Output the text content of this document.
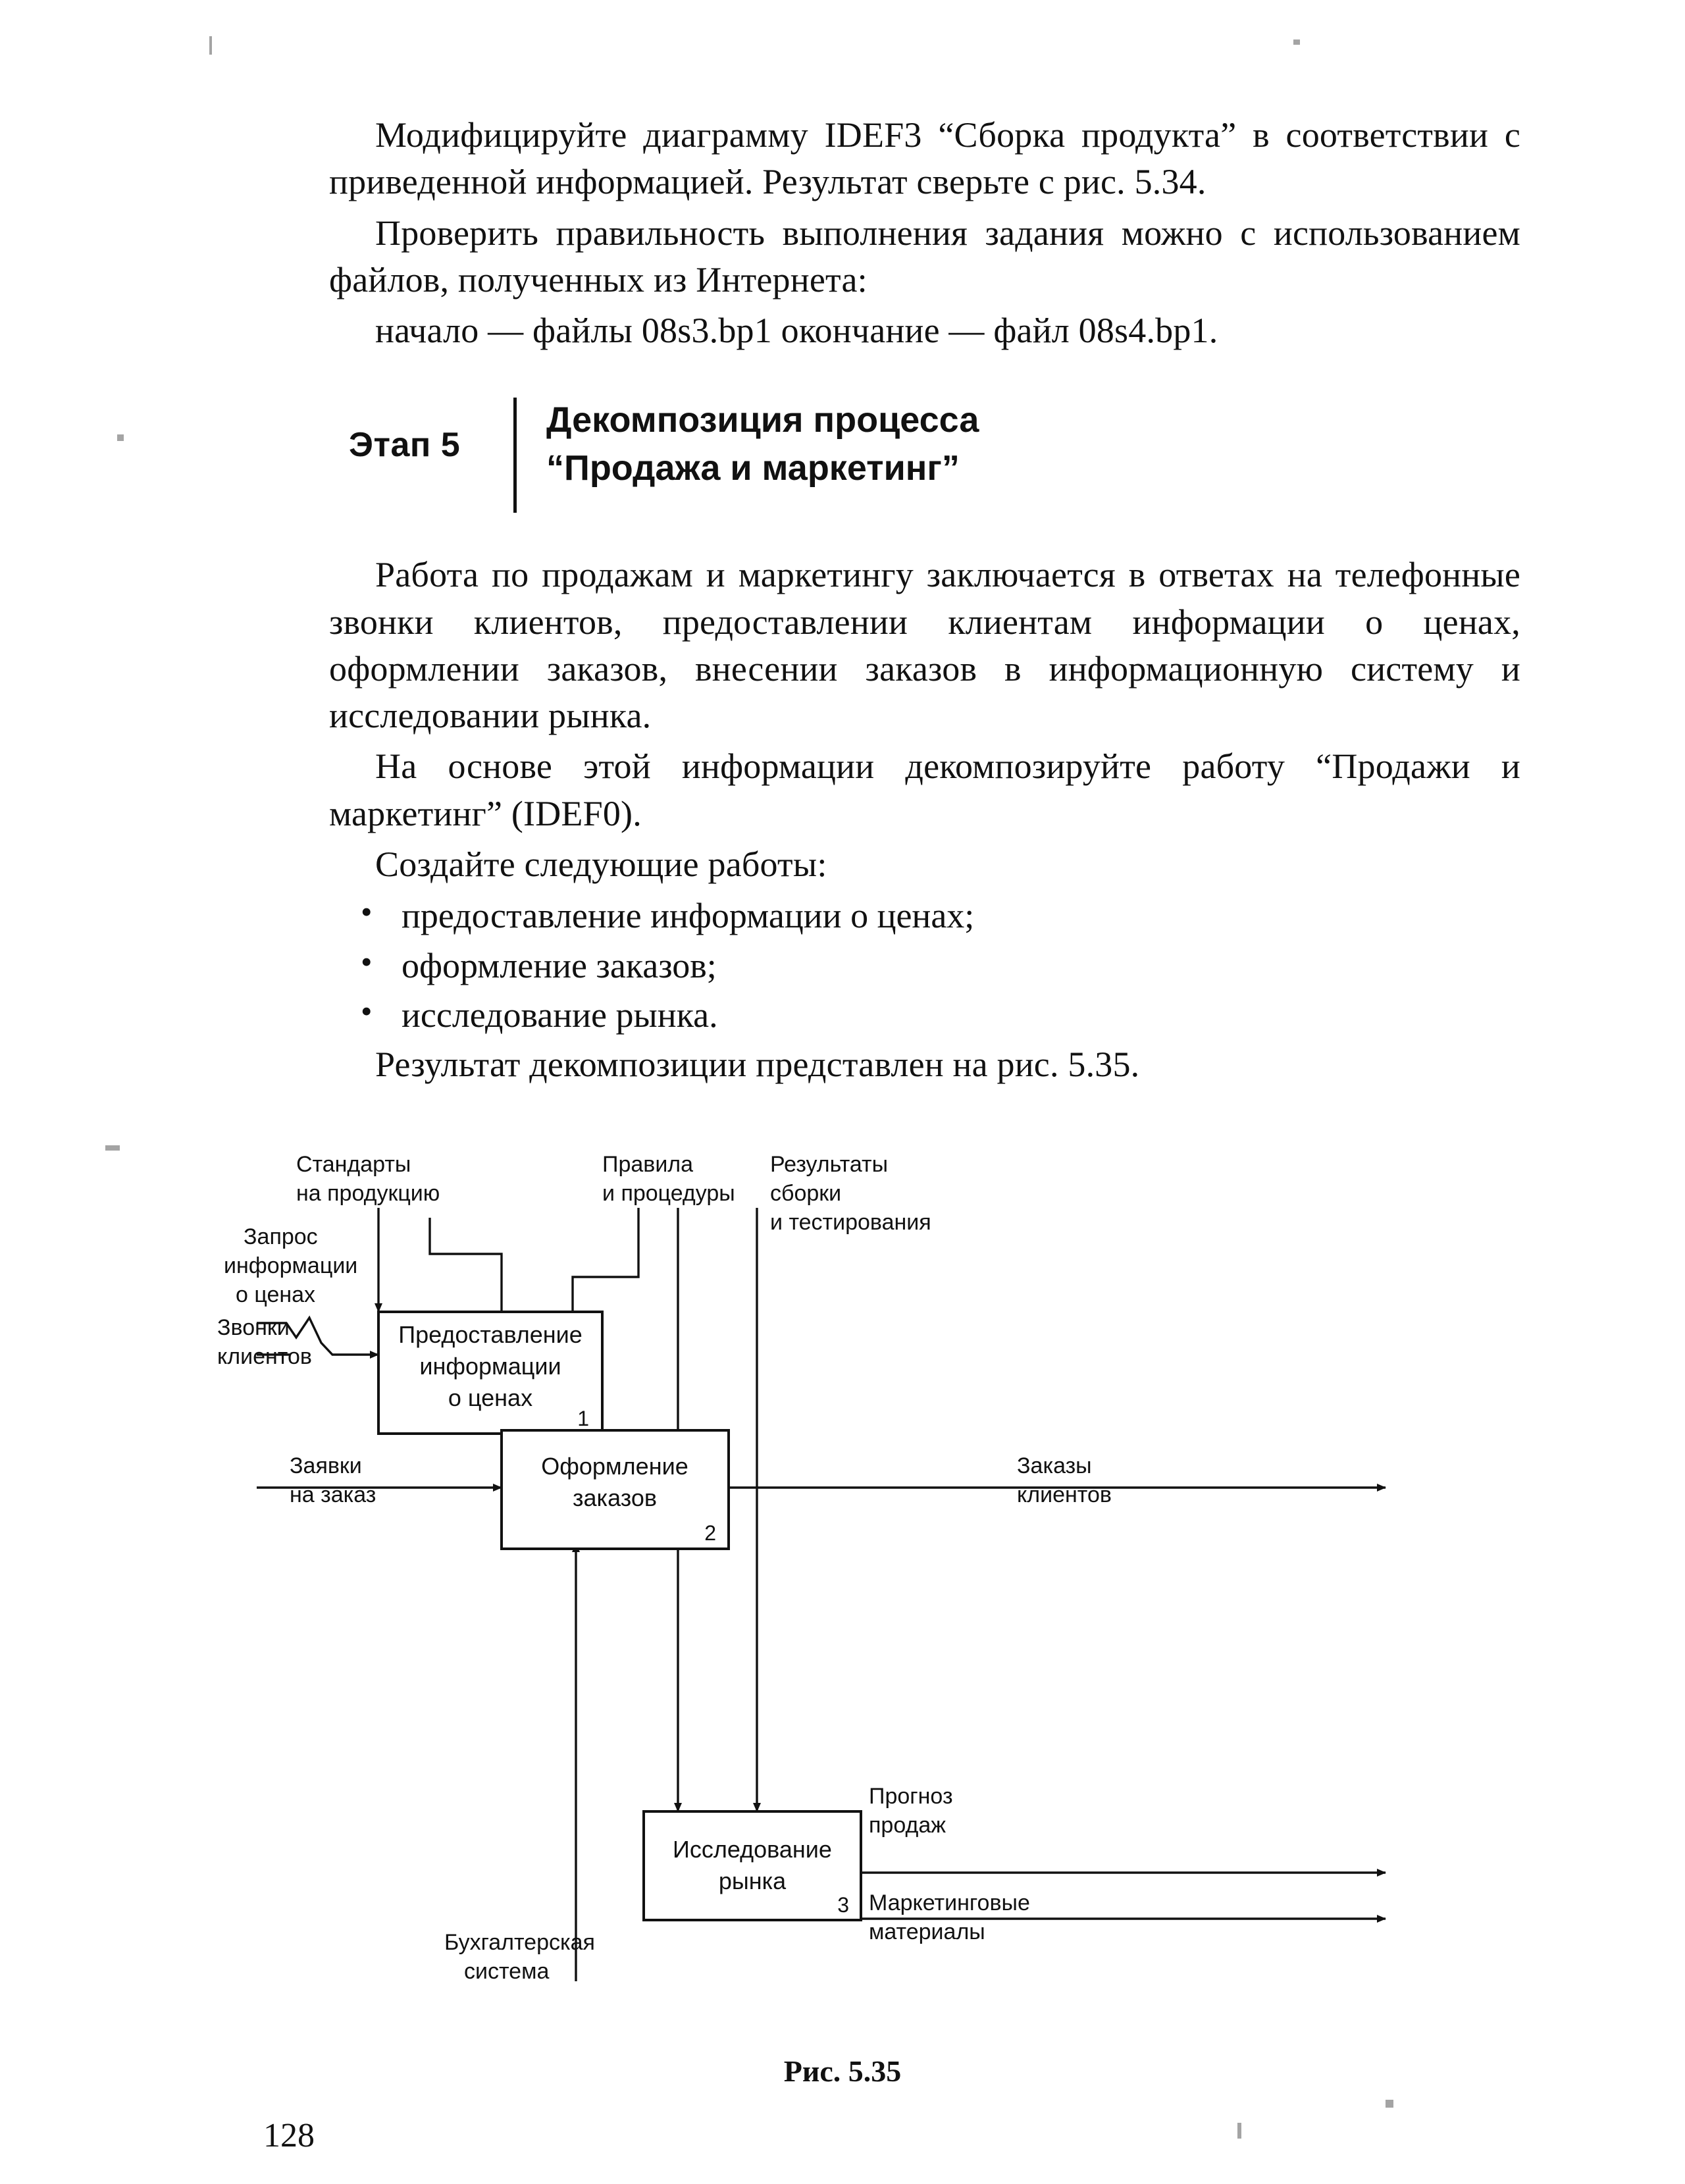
Модифицируйте диаграмму IDEF3 “Сборка продукта” в соответствии с приведенной информацией. Результат сверьте с рис. 5.34.

Проверить правильность выполнения задания можно с использованием файлов, полученных из Интернета:

начало — файлы 08s3.bp1 окончание — файл 08s4.bp1.

Этап 5
Декомпозиция процесса
“Продажа и маркетинг”

Работа по продажам и маркетингу заключается в ответах на телефонные звонки клиентов, предоставлении клиентам информации о ценах, оформлении заказов, внесении заказов в информационную систему и исследовании рынка.

На основе этой информации декомпозируйте работу “Продажи и маркетинг” (IDEF0).

Создайте следующие работы:

• предоставление информации о ценах;
• оформление заказов;
• исследование рынка.

Результат декомпозиции представлен на рис. 5.35.

Предоставление
информации
о ценах
1
Оформление
заказов
2
Исследование
рынка
3
Стандарты
на продукцию
Правила
и процедуры
Результаты
сборки
и тестирования
Запрос
информации
о ценах
Звонки
клиентов
Заявки
на заказ
Заказы
клиентов
Бухгалтерская
система
Прогноз
продаж
Маркетинговые
материалы
Рис. 5.35
128
